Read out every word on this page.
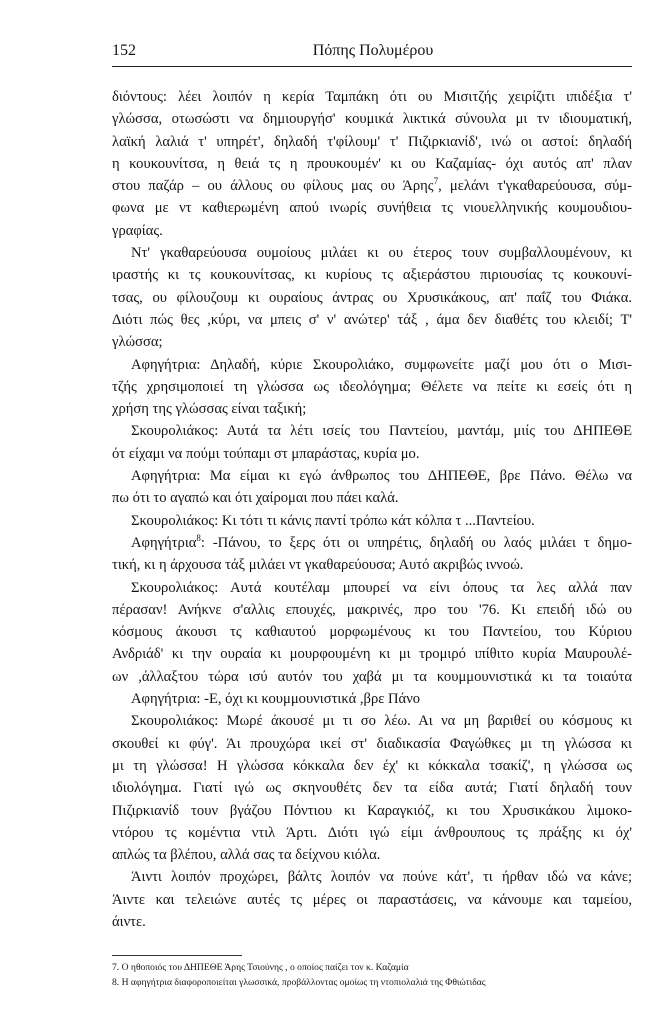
152	Πόπης Πολυμέρου
διόντους: λέει λοιπόν η κερία Ταμπάκη ότι ου Μισιτζής χειρίζιτι ιπιδέξια τ'
γλώσσα, οτωσώστι να δημιουργήσ' κουμικά λικτικά σύνουλα μι τν ιδιουματική,
λαϊκή λαλιά τ' υπηρέτ', δηλαδή τ'φίλουμ' τ' Πιζιρκιανίδ', ινώ οι αστοί: δηλαδή
η κουκουνίτσα, η θειά τς η πρoυκουμέν' κι ου Καζαμίας- όχι αυτός απ' πλαν
στου παζάρ – ου άλλους ου φίλους μας ου Άρης$^7$, μελάνι τ'γκαθαρεύουσα, σύμ-
φωνα με ντ καθιερωμένη απού ινωρίς συνήθεια τς νιουελληνικής κουμουδιου-
γραφίας.
Ντ' γκαθαρεύουσα ουμοίους μιλάει κι ου έτερος τουν συμβαλλουμένουν, κι
ιραστής κι τς κουκουνίτσας, κι κυρίους τς αξιεράστου πιριουσίας τς κουκουνί-
τσας, ου φίλουζουμ κι ουραίους άντρας ου Χρυσικάκους, απ' παΐζ του Φιάκα.
Διότι πώς θες ,κύρι, να μπεις σ' ν' ανώτερ' τάξ , άμα δεν διαθέτς του κλειδί; Τ'
γλώσσα;
Αφηγήτρια: Δηλαδή, κύριε Σκουρολιάκο, συμφωνείτε μαζί μου ότι ο Μισι-
τζής χρησιμοποιεί τη γλώσσα ως ιδεολόγημα; Θέλετε να πείτε κι εσείς ότι η
χρήση της γλώσσας είναι ταξική;
Σκουρολιάκος: Αυτά τα λέτι ισείς του Παντείου, μαντάμ, μιίς του ΔΗΠΕΘΕ
ότ είχαμι να πούμι τούπαμι στ μπαράστας, κυρία μο.
Αφηγήτρια: Μα είμαι κι εγώ άνθρωπος του ΔΗΠΕΘΕ, βρε Πάνο. Θέλω να
πω ότι το αγαπώ και ότι χαίρομαι που πάει καλά.
Σκουρολιάκος: Κι τότι τι κάνις παντί τρόπω κάτ κόλπα τ ...Παντείου.
Αφηγήτρια$^8$: -Πάνου, το ξερς ότι οι υπηρέτις, δηλαδή ου λαός μιλάει τ δημο-
τική, κι η άρχουσα τάξ μιλάει ντ γκαθαρεύουσα; Αυτό ακριβώς ιννοώ.
Σκουρολιάκος: Αυτά κουτέλαμ μπουρεί να είνι όπους τα λες αλλά παν
πέρασαν! Ανήκνε σ'αλλις επουχές, μακρινές, προ του '76. Κι επειδή ιδώ ου
κόσμους άκουσι τς καθιαυτού μορφωμένους κι του Παντείου, του Κύριου
Ανδριάδ' κι την ουραία κι μουρφουμένη κι μι τρομιρό ιπίθιτο κυρία Μαυρουλέ-
ων ,άλλαξτου τώρα ισύ αυτόν του χαβά μι τα κουμμουνιστικά κι τα τοιαύτα
Αφηγήτρια: -Ε, όχι κι κουμμουνιστικά ,βρε Πάνο
Σκουρολιάκος: Μωρέ άκουσέ μι τι σο λέω. Αι να μη βαριθεί ου κόσμους κι
σκουθεί κι φύγ'. Άι πρoυχώρα ικεί στ' διαδικασία Φαγώθκες μι τη γλώσσα κι
μι τη γλώσσα! Η γλώσσα κόκκαλα δεν έχ' κι κόκκαλα τσακίζ', η γλώσσα ως
ιδιολόγημα. Γιατί ιγώ ως σκηνουθέτς δεν τα είδα αυτά; Γιατί δηλαδή τουν
Πιζιρκιανίδ τουν βγάζου Πόντιου κι Καραγκιόζ, κι του Χρυσικάκου λιμοκο-
ντόρου τς κομέντια ντιλ Άρτι. Διότι ιγώ είμι άνθρουπους τς πράξης κι όχ'
απλώς τα βλέπου, αλλά σας τα δείχνου κιόλα.
Άιντι λοιπόν προχώρει, βάλτς λοιπόν να πούνε κάτ', τι ήρθαν ιδώ να κάνε;
Άιντε και τελειώνε αυτές τς μέρες οι παραστάσεις, να κάνουμε και ταμείου,
άιντε.
7. Ο ηθοποιός του ΔΗΠΕΘΕ Άρης Τσιούνης , ο οποίος παίζει τον κ. Καζαμία
8. Η αφηγήτρια διαφοροποιείται γλωσσικά, προβάλλοντας ομοίως τη ντοπιολαλιά της Φθιώτιδας
